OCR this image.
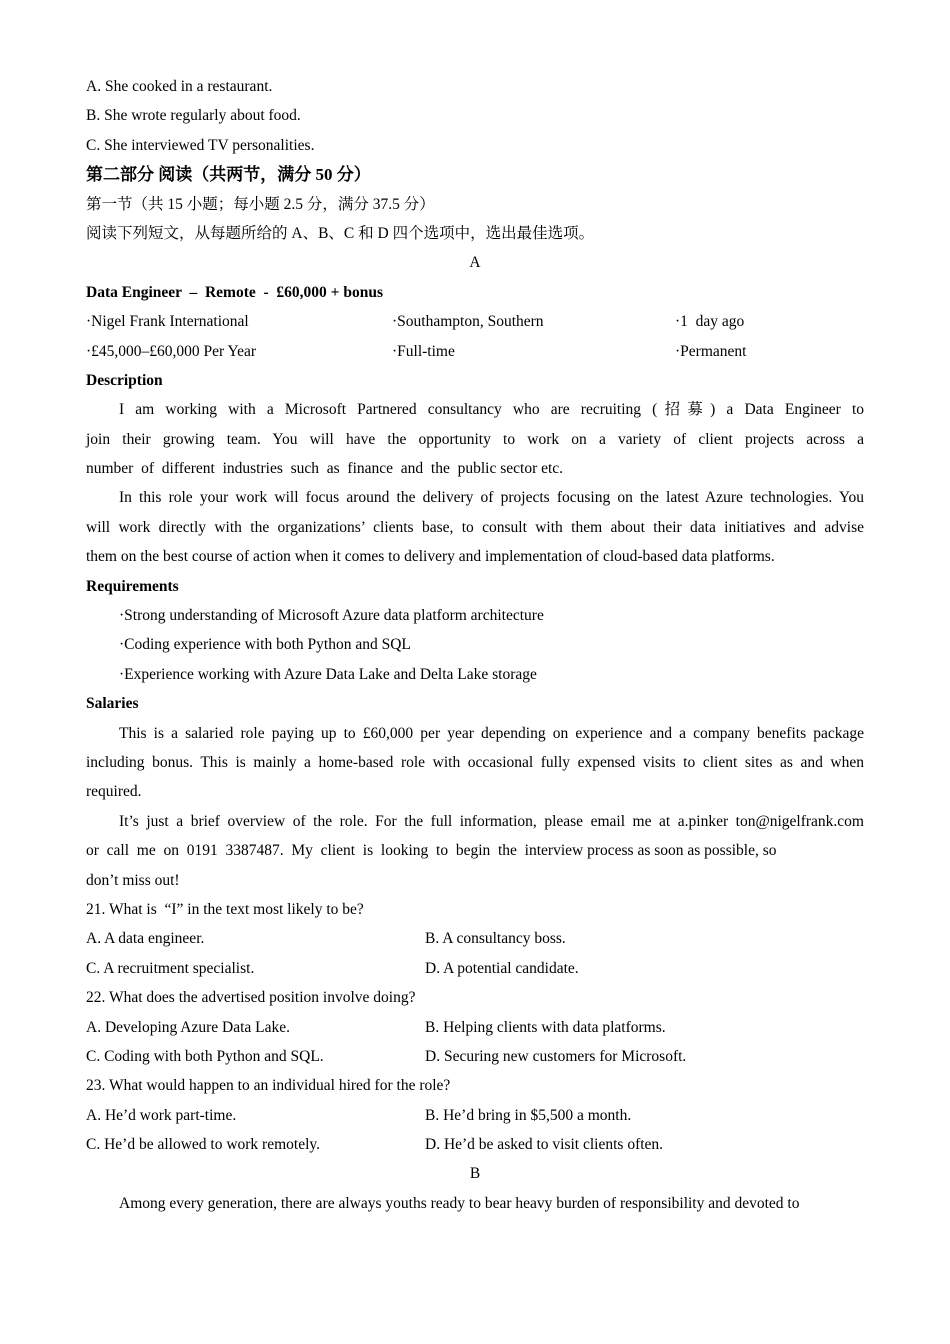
A. She cooked in a restaurant.
B. She wrote regularly about food.
C. She interviewed TV personalities.
第二部分 阅读（共两节，满分 50 分）
第一节（共 15 小题；每小题 2.5 分，满分 37.5 分）
阅读下列短文，从每题所给的 A、B、C 和 D 四个选项中，选出最佳选项。
A
Data Engineer  –  Remote  -  £60,000 + bonus
·Nigel Frank International	·Southampton, Southern	·1  day ago
·£45,000–£60,000 Per Year	·Full-time	·Permanent
Description
I am working with a Microsoft Partnered consultancy who are recruiting (招募) a Data Engineer to
join their growing team. You will have the opportunity to work on a variety of client projects across a
number  of  different  industries  such  as  finance  and  the  public sector etc.
In this role your work will focus around the delivery of projects focusing on the latest Azure technologies. You
will work directly with the organizations’ clients base, to consult with them about their data initiatives and advise
them on the best course of action when it comes to delivery and implementation of cloud-based data platforms.
Requirements
·Strong understanding of Microsoft Azure data platform architecture
·Coding experience with both Python and SQL
·Experience working with Azure Data Lake and Delta Lake storage
Salaries
This is a salaried role paying up to £60,000 per year depending on experience and a company benefits package
including bonus. This is mainly a home-based role with occasional fully expensed visits to client sites as and when
required.
It’s just a brief overview of the role. For the full information, please email me at a.pinker ton@nigelfrank.com
or  call  me  on  0191  3387487.  My  client  is  looking  to  begin  the  interview process as soon as possible, so
don’t miss out!
21. What is  “I” in the text most likely to be?
A. A data engineer.	B. A consultancy boss.
C. A recruitment specialist.	D. A potential candidate.
22. What does the advertised position involve doing?
A. Developing Azure Data Lake.	B. Helping clients with data platforms.
C. Coding with both Python and SQL.	D. Securing new customers for Microsoft.
23. What would happen to an individual hired for the role?
A. He’d work part-time.	B. He’d bring in $5,500 a month.
C. He’d be allowed to work remotely.	D. He’d be asked to visit clients often.
B
Among every generation, there are always youths ready to bear heavy burden of responsibility and devoted to
